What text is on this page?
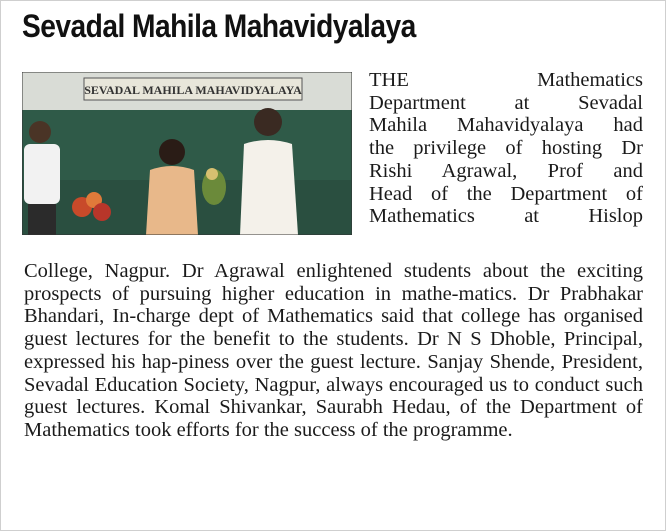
Sevadal Mahila Mahavidyalaya
SEVADAL MAHILA MAHAVIDYALAYA	THE Mathematics
Department at Sevadal
Mahila Mahavidyalaya had
the privilege of hosting Dr
Rishi Agrawal, Prof and
Head of the Department of
Mathematics at Hislop

College, Nagpur. Dr Agrawal enlightened students about the exciting prospects of pursuing higher education in mathe-matics. Dr Prabhakar Bhandari, In-charge dept of Mathematics said that college has organised guest lectures for the benefit to the students. Dr N S Dhoble, Principal, expressed his hap-piness over the guest lecture. Sanjay Shende, President, Sevadal Education Society, Nagpur, always encouraged us to conduct such guest lectures. Komal Shivankar, Saurabh Hedau, of the Department of Mathematics took efforts for the success of the programme.
